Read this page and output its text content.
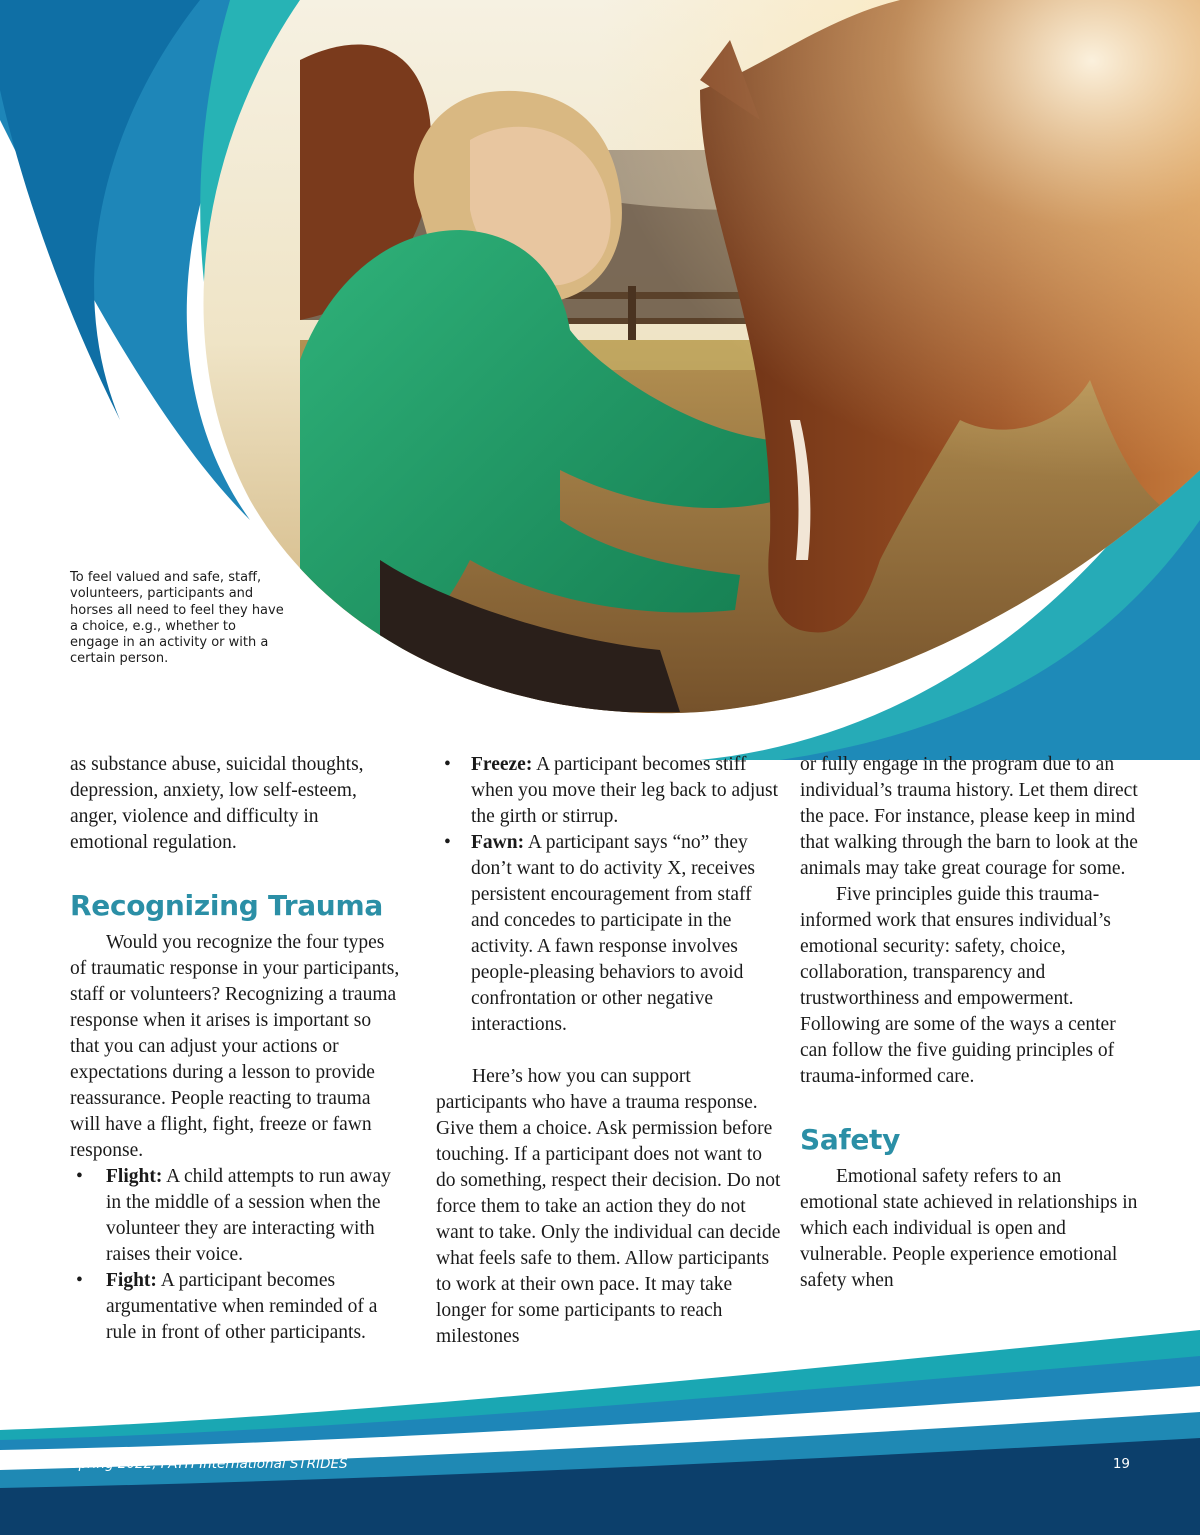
To feel valued and safe, staff, volunteers, participants and horses all need to feel they have a choice, e.g., whether to engage in an activity or with a certain person.

as substance abuse, suicidal thoughts, depression, anxiety, low self-esteem, anger, violence and difficulty in emotional regulation.

Recognizing Trauma

Would you recognize the four types of traumatic response in your participants, staff or volunteers? Recognizing a trauma response when it arises is important so that you can adjust your actions or expectations during a lesson to provide reassurance. People reacting to trauma will have a flight, fight, freeze or fawn response.

• Flight: A child attempts to run away in the middle of a session when the volunteer they are interacting with raises their voice.
• Fight: A participant becomes argumentative when reminded of a rule in front of other participants.
• Freeze: A participant becomes stiff when you move their leg back to adjust the girth or stirrup.
• Fawn: A participant says “no” they don’t want to do activity X, receives persistent encouragement from staff and concedes to participate in the activity. A fawn response involves people-pleasing behaviors to avoid confrontation or other negative interactions.

Here’s how you can support participants who have a trauma response. Give them a choice. Ask permission before touching. If a participant does not want to do something, respect their decision. Do not force them to take an action they do not want to take. Only the individual can decide what feels safe to them. Allow participants to work at their own pace. It may take longer for some participants to reach milestones

or fully engage in the program due to an individual’s trauma history. Let them direct the pace. For instance, please keep in mind that walking through the barn to look at the animals may take great courage for some.

Five principles guide this trauma-informed work that ensures individual’s emotional security: safety, choice, collaboration, transparency and trustworthiness and empowerment. Following are some of the ways a center can follow the five guiding principles of trauma-informed care.

Safety

Emotional safety refers to an emotional state achieved in relationships in which each individual is open and vulnerable. People experience emotional safety when

Spring 2022, PATH International STRIDES	19
